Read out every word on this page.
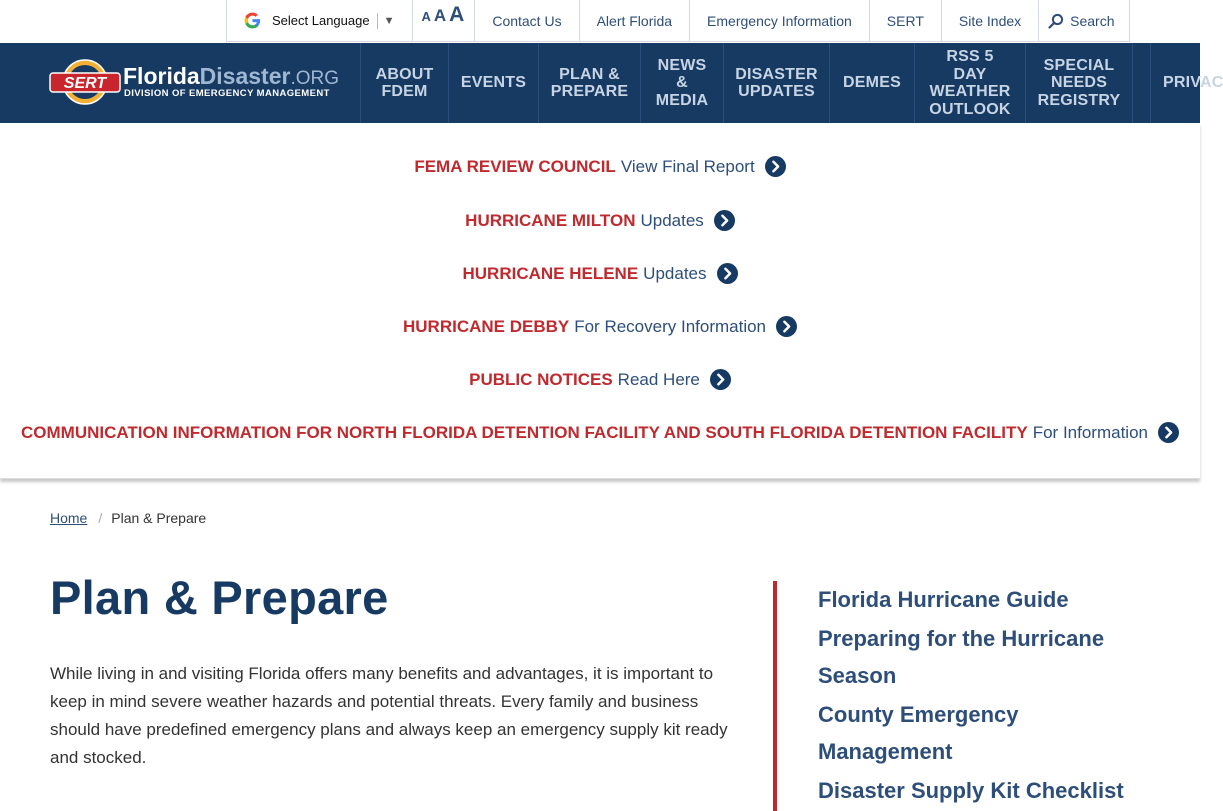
Select Language ▼ A A A	Contact Us	Alert Florida	Emergency Information	SERT	Site Index	Search
SERT FloridaDisaster.ORG
DIVISION OF EMERGENCY MANAGEMENT
ABOUT
FDEM
EVENTS
PLAN &
PREPARE
NEWS
&
MEDIA
DISASTER
UPDATES
DEMES
RSS 5 DAY
WEATHER
OUTLOOK
SPECIAL
NEEDS
REGISTRY
PRIVAC
FEMA REVIEW COUNCIL View Final Report
HURRICANE MILTON Updates
HURRICANE HELENE Updates
HURRICANE DEBBY For Recovery Information
PUBLIC NOTICES Read Here
COMMUNICATION INFORMATION FOR NORTH FLORIDA DETENTION FACILITY AND SOUTH FLORIDA DETENTION FACILITY For Information
Home / Plan & Prepare
Plan & Prepare

While living in and visiting Florida offers many benefits and advantages, it is important to keep in mind severe weather hazards and potential threats. Every family and business should have predefined emergency plans and always keep an emergency supply kit ready and stocked.

Florida Hurricane Guide
Preparing for the Hurricane Season
County Emergency Management
Disaster Supply Kit Checklist
